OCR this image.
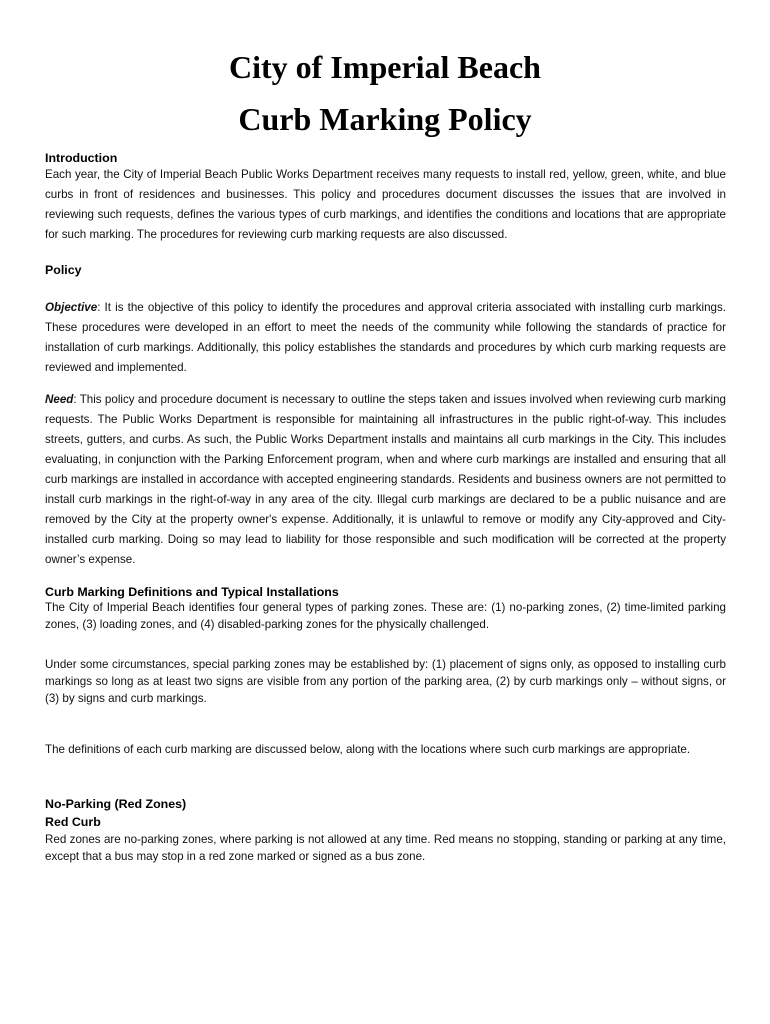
City of Imperial Beach
Curb Marking Policy

Introduction

Each year, the City of Imperial Beach Public Works Department receives many requests to install red, yellow, green, white, and blue curbs in front of residences and businesses. This policy and procedures document discusses the issues that are involved in reviewing such requests, defines the various types of curb markings, and identifies the conditions and locations that are appropriate for such marking. The procedures for reviewing curb marking requests are also discussed.

Policy

Objective: It is the objective of this policy to identify the procedures and approval criteria associated with installing curb markings. These procedures were developed in an effort to meet the needs of the community while following the standards of practice for installation of curb markings. Additionally, this policy establishes the standards and procedures by which curb marking requests are reviewed and implemented.

Need: This policy and procedure document is necessary to outline the steps taken and issues involved when reviewing curb marking requests. The Public Works Department is responsible for maintaining all infrastructures in the public right-of-way. This includes streets, gutters, and curbs. As such, the Public Works Department installs and maintains all curb markings in the City. This includes evaluating, in conjunction with the Parking Enforcement program, when and where curb markings are installed and ensuring that all curb markings are installed in accordance with accepted engineering standards. Residents and business owners are not permitted to install curb markings in the right-of-way in any area of the city. Illegal curb markings are declared to be a public nuisance and are removed by the City at the property owner's expense. Additionally, it is unlawful to remove or modify any City-approved and City-installed curb marking. Doing so may lead to liability for those responsible and such modification will be corrected at the property owner’s expense.

Curb Marking Definitions and Typical Installations

The City of Imperial Beach identifies four general types of parking zones. These are: (1) no-parking zones, (2) time-limited parking zones, (3) loading zones, and (4) disabled-parking zones for the physically challenged.

Under some circumstances, special parking zones may be established by: (1) placement of signs only, as opposed to installing curb markings so long as at least two signs are visible from any portion of the parking area, (2) by curb markings only – without signs, or (3) by signs and curb markings.

The definitions of each curb marking are discussed below, along with the locations where such curb markings are appropriate.

No-Parking (Red Zones)

Red Curb

Red zones are no-parking zones, where parking is not allowed at any time. Red means no stopping, standing or parking at any time, except that a bus may stop in a red zone marked or signed as a bus zone.
